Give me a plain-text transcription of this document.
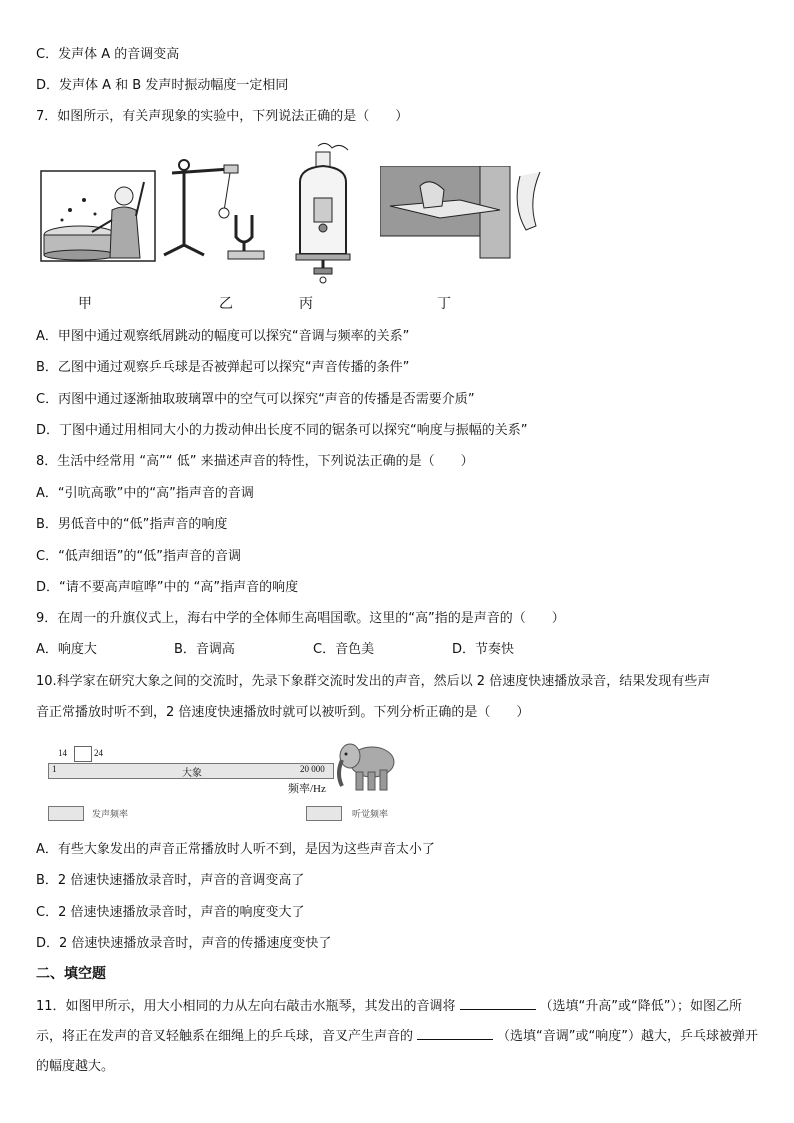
C．发声体 A 的音调变高
D．发声体 A 和 B 发声时振动幅度一定相同
7．如图所示，有关声现象的实验中，下列说法正确的是（　　）
甲	乙	丙	丁
A．甲图中通过观察纸屑跳动的幅度可以探究“音调与频率的关系”
B．乙图中通过观察乒乓球是否被弹起可以探究“声音传播的条件”
C．丙图中通过逐渐抽取玻璃罩中的空气可以探究“声音的传播是否需要介质”
D．丁图中通过用相同大小的力拨动伸出长度不同的锯条可以探究“响度与振幅的关系”
8．生活中经常用 “高”“ 低” 来描述声音的特性，下列说法正确的是（　　）
A．“引吭高歌”中的“高”指声音的音调
B．男低音中的“低”指声音的响度
C．“低声细语”的“低”指声音的音调
D．“请不要高声喧哗”中的 “高”指声音的响度
9．在周一的升旗仪式上，海右中学的全体师生高唱国歌。这里的“高”指的是声音的（　　）
A．响度大	B．音调高	C．音色美	D．节奏快
10.科学家在研究大象之间的交流时，先录下象群交流时发出的声音，然后以 2 倍速度快速播放录音，结果发现有些声
音正常播放时听不到，2 倍速度快速播放时就可以被听到。下列分析正确的是（　　）
14	24
1	大象	20 000
频率/Hz
发声频率	听觉频率
A．有些大象发出的声音正常播放时人听不到，是因为这些声音太小了
B．2 倍速快速播放录音时，声音的音调变高了
C．2 倍速快速播放录音时，声音的响度变大了
D．2 倍速快速播放录音时，声音的传播速度变快了
二、填空题
11．如图甲所示，用大小相同的力从左向右敲击水瓶琴，其发出的音调将	（选填“升高”或“降低”）；如图乙所示，将正在发声的音叉轻触系在细绳上的乒乓球，音叉产生声音的	（选填“音调”或“响度”）越大，乒乓球被弹开的幅度越大。
